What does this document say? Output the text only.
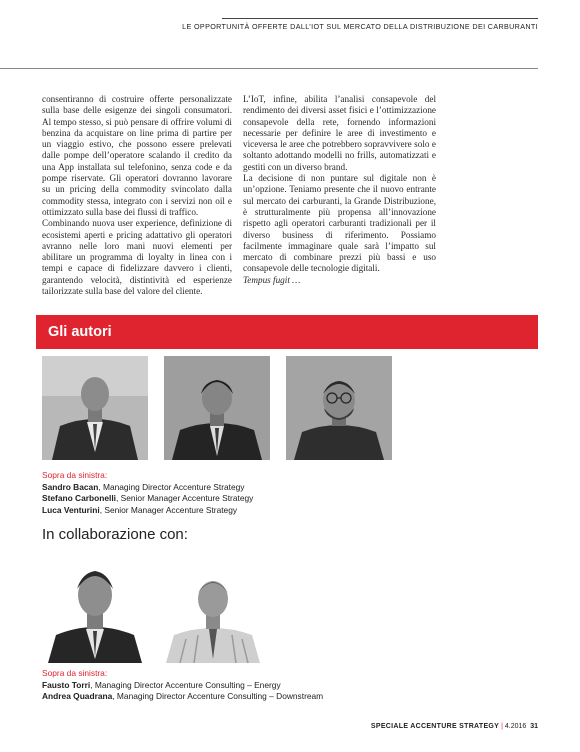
LE OPPORTUNITÀ OFFERTE DALL’IOT SUL MERCATO DELLA DISTRIBUZIONE DEI CARBURANTI

consentiranno di costruire offerte personalizzate sulla base delle esigenze dei singoli consumatori. Al tempo stesso, si può pensare di offrire volumi di benzina da acquistare on line prima di partire per un viaggio estivo, che possono essere prelevati dalle pompe dell’operatore scalando il credito da una App installata sul telefonino, senza code e da pompe riservate. Gli operatori dovranno lavorare su un pricing della commodity svincolato dalla commodity stessa, integrato con i servizi non oil e ottimizzato sulla base dei flussi di traffico.

Combinando nuova user experience, definizione di ecosistemi aperti e pricing adattativo gli operatori avranno nelle loro mani nuovi elementi per abilitare un programma di loyalty in linea con i tempi e capace di fidelizzare davvero i clienti, garantendo velocità, distintività ed esperienze tailorizzate sulla base del valore del cliente.

L’IoT, infine, abilita l’analisi consapevole del rendimento dei diversi asset fisici e l’ottimizzazione consapevole della rete, fornendo informazioni necessarie per definire le aree di investimento e viceversa le aree che potrebbero sopravvivere solo e soltanto adottando modelli no frills, automatizzati e gestiti con un diverso brand.

La decisione di non puntare sul digitale non è un’opzione. Teniamo presente che il nuovo entrante sul mercato dei carburanti, la Grande Distribuzione, è strutturalmente più propensa all’innovazione rispetto agli operatori carburanti tradizionali per il diverso business di riferimento. Possiamo facilmente immaginare quale sarà l’impatto sul mercato di combinare prezzi più bassi e uso consapevole delle tecnologie digitali.

Tempus fugit …

Gli autori
Sopra da sinistra:
Sandro Bacan, Managing Director Accenture Strategy
Stefano Carbonelli, Senior Manager Accenture Strategy
Luca Venturini, Senior Manager Accenture Strategy
In collaborazione con:
Sopra da sinistra:
Fausto Torri, Managing Director Accenture Consulting – Energy
Andrea Quadrana, Managing Director Accenture Consulting – Downstream
SPECIALE ACCENTURE STRATEGY | 4.2016 31
